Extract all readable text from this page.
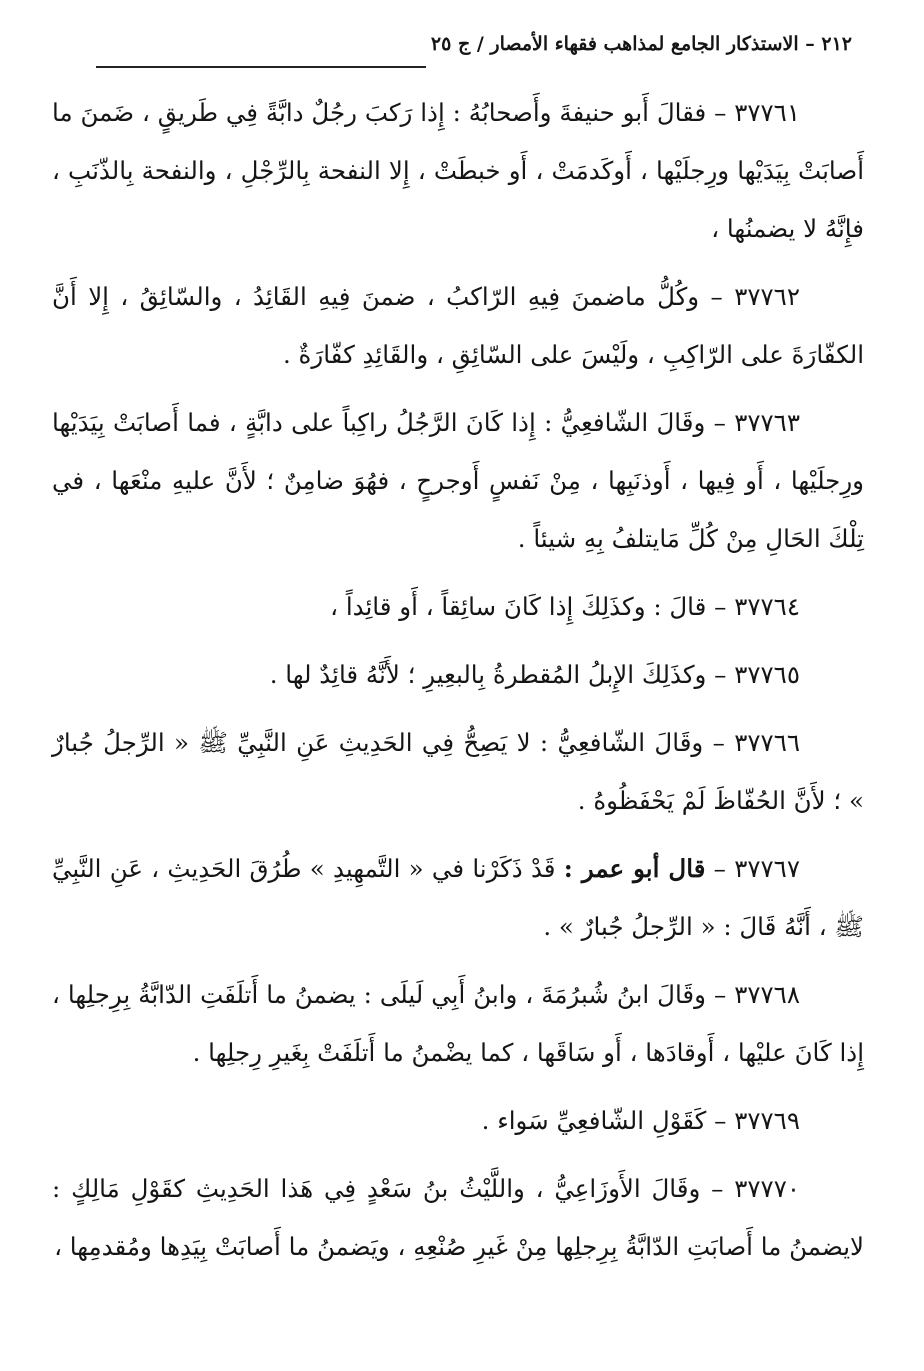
٢١٢ – الاستذكار الجامع لمذاهب فقهاء الأمصار / ج ٢٥

٣٧٧٦١ – فقالَ أَبو حنيفةَ وأَصحابُهُ : إِذا رَكبَ رجُلٌ دابَّةً فِي طَريقٍ ، ضَمنَ ما أَصابَتْ بِيَدَيْها ورِجلَيْها ، أَوكَدمَتْ ، أَو خبطَتْ ، إِلا النفحة بِالرِّجْلِ ، والنفحة بِالذّنَبِ ، فإِنَّهُ لا يضمنُها ،

٣٧٧٦٢ – وكُلُّ ماضمنَ فِيهِ الرّاكبُ ، ضمنَ فِيهِ القَائِدُ ، والسّائِقُ ، إِلا أَنَّ الكفّارَةَ على الرّاكِبِ ، ولَيْسَ على السّائِقِ ، والقَائِدِ كفّارَةٌ .

٣٧٧٦٣ – وقَالَ الشّافعِيُّ : إِذا كَانَ الرَّجُلُ راكِباً على دابَّةٍ ، فما أَصابَتْ بِيَدَيْها ورِجلَيْها ، أَو فِيها ، أَوذنَبِها ، مِنْ نَفسٍ أَوجرحٍ ، فهُوَ ضامِنٌ ؛ لأَنَّ عليهِ منْعَها ، في تِلْكَ الحَالِ مِنْ كُلِّ مَايتلفُ بِهِ شيئاً .

٣٧٧٦٤ – قالَ : وكذَلِكَ إِذا كَانَ سائِقاً ، أَو قائِداً ،

٣٧٧٦٥ – وكذَلِكَ الإِبلُ المُقطرةُ بِالبعِيرِ ؛ لأَنَّهُ قائِدٌ لها .

٣٧٧٦٦ – وقَالَ الشّافعِيُّ : لا يَصِحُّ فِي الحَدِيثِ عَنِ النَّبِيِّ ﷺ « الرِّجلُ جُبارٌ » ؛ لأَنَّ الحُفّاظَ لَمْ يَحْفَظُوهُ .

٣٧٧٦٧ – قال أبو عمر : قَدْ ذَكَرْنا في « التَّمهِيدِ » طُرُقَ الحَدِيثِ ، عَنِ النَّبِيِّ ﷺ ، أَنَّهُ قَالَ : « الرِّجلُ جُبارٌ » .

٣٧٧٦٨ – وقَالَ ابنُ شُبرُمَةَ ، وابنُ أَبِي لَيلَى : يضمنُ ما أَتلَفَتِ الدّابَّةُ بِرِجلِها ، إِذا كَانَ عليْها ، أَوقادَها ، أَو سَاقَها ، كما يضْمنُ ما أَتلَفَتْ بِغَيرِ رِجلِها .

٣٧٧٦٩ – كَقَوْلِ الشّافعِيِّ سَواء .

٣٧٧٧٠ – وقَالَ الأَوزَاعِيُّ ، واللَّيْثُ بنُ سَعْدٍ فِي هَذا الحَدِيثِ كقَوْلِ مَالِكٍ : لايضمنُ ما أَصابَتِ الدّابَّةُ بِرِجلِها مِنْ غَيرِ صُنْعِهِ ، ويَضمنُ ما أَصابَتْ بِيَدِها ومُقدمِها ،
